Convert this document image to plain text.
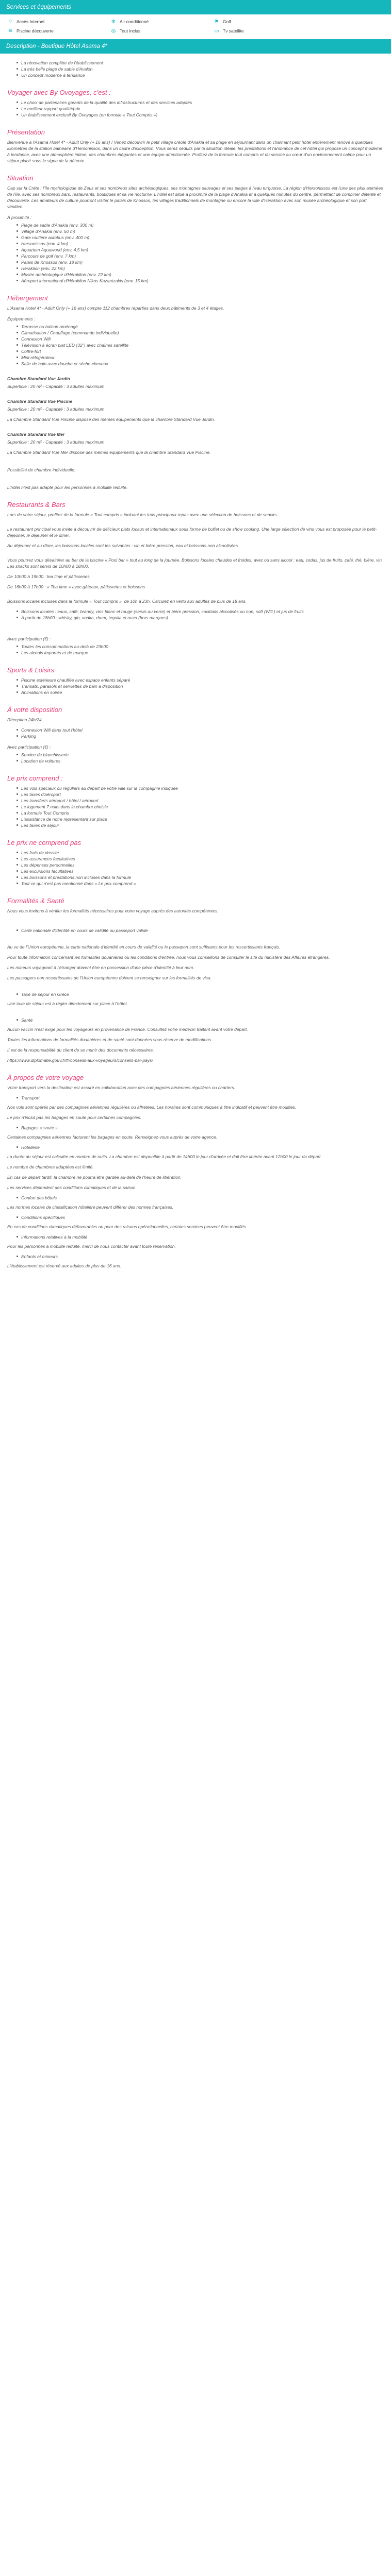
Services et équipements
⌔ Accès Internet	✻ Air conditionné	⚑ Golf
≋ Piscine découverte	◎ Tout inclus	▭ Tv satellite
Description - Boutique Hôtel Asama 4*
La rénovation complète de l'établissement
La très belle plage de sable d'Avalon
Un concept moderne à tendance
Voyager avec By Ovoyages, c'est :
Le choix de partenaires garants de la qualité des infrastructures et des services adaptés
Le meilleur rapport qualité/prix
Un établissement exclusif By Ovoyages (en formule « Tout Compris »)
Présentation

Bienvenue à l'Asama Hotel 4* - Adult Only (+ 16 ans) ! Venez découvrir le petit village créole d'Anakia et sa plage en séjournant dans un charmant petit hôtel entièrement rénové à quelques kilomètres de la station balnéaire d'Hersonissos, dans un cadre d'exception. Vous serez séduits par la situation idéale, les prestations et l'ambiance de cet hôtel qui propose un concept moderne à tendance, avec une atmosphère intime, des chambres élégantes et une équipe attentionnée. Profitez de la formule tout compris et du service au cœur d'un environnement calme pour un séjour placé sous le signe de la détente.

Situation

Cap sur la Crète : l'île mythologique de Zeus et ses nombreux sites archéologiques, ses montagnes sauvages et ses plages à l'eau turquoise. La région d'Hersonissos est l'une des plus animées de l'île, avec ses nombreux bars, restaurants, boutiques et sa vie nocturne. L'hôtel est situé à proximité de la plage d'Anakia et à quelques minutes du centre, permettant de combiner détente et découverte. Les amateurs de culture pourront visiter le palais de Knossos, les villages traditionnels de montagne ou encore la ville d'Héraklion avec son musée archéologique et son port vénitien.

À proximité :
Plage de sable d'Anakia (env. 300 m)
Village d'Anakia (env. 50 m)
Gare routière autobus (env. 400 m)
Hersonissos (env. 4 km)
Aquarium Aquaworld (env. 4,5 km)
Parcours de golf (env. 7 km)
Palais de Knossos (env. 18 km)
Héraklion (env. 22 km)
Musée archéologique d'Héraklion (env. 22 km)
Aéroport international d'Héraklion Nikos Kazantzakis (env. 15 km)
Hébergement

L'Asama Hotel 4* - Adult Only (+ 16 ans) compte 112 chambres réparties dans deux bâtiments de 3 et 4 étages.

Équipements :
Terrasse ou balcon aménagé
Climatisation / Chauffage (commande individuelle)
Connexion Wifi
Télévision à écran plat LED (32") avec chaînes satellite
Coffre-fort
Mini-réfrigérateur
Salle de bain avec douche et sèche-cheveux
Chambre Standard Vue Jardin

Superficie : 20 m² - Capacité : 3 adultes maximum

Chambre Standard Vue Piscine

Superficie : 20 m² - Capacité : 3 adultes maximum

La Chambre Standard Vue Piscine dispose des mêmes équipements que la chambre Standard Vue Jardin.

Chambre Standard Vue Mer

Superficie : 20 m² - Capacité : 3 adultes maximum

La Chambre Standard Vue Mer dispose des mêmes équipements que la chambre Standard Vue Piscine.

Possibilité de chambre individuelle.

L'hôtel n'est pas adapté pour les personnes à mobilité réduite.

Restaurants & Bars

Lors de votre séjour, profitez de la formule « Tout compris » incluant les trois principaux repas avec une sélection de boissons et de snacks.

Le restaurant principal vous invite à découvrir de délicieux plats locaux et internationaux sous forme de buffet ou de show cooking. Une large sélection de vins vous est proposée pour le petit-déjeuner, le déjeuner et le dîner.

Au déjeuner et au dîner, les boissons locales sont les suivantes : vin et bière pression, eau et boissons non alcoolisées.

Vous pourrez vous désaltérer au bar de la piscine « Pool bar » tout au long de la journée. Boissons locales chaudes et froides, avec ou sans alcool : eau, sodas, jus de fruits, café, thé, bière, vin. Les snacks sont servis de 10h00 à 18h00.

De 10h00 à 19h00 : tea time et pâtisseries

De 16h00 à 17h00 : « Tea time » avec gâteaux, pâtisseries et boissons

Boissons locales incluses dans la formule « Tout compris », de 10h à 23h. Calculez en vertu aux adultes de plus de 18 ans.

Boissons locales : eaux, café, brandy, vins blanc et rouge (servis au verre) et bière pression, cocktails alcoolisés ou non, soft (Will ) et jus de fruits.
À partir de 18h00 : whisky, gin, vodka, rhum, tequila et ouzo (hors marques).
Avec participation (€) :
Toutes les consommations au-delà de 23h00
Les alcools importés et de marque
Sports & Loisirs
Piscine extérieure chauffée avec espace enfants séparé
Transats, parasols et serviettes de bain à disposition
Animations en soirée
À votre disposition

Réception 24h/24

Connexion Wifi dans tout l'hôtel
Parking
Avec participation (€) :
Service de blanchisserie
Location de voitures
Le prix comprend :
Les vols spéciaux ou réguliers au départ de votre ville sur la compagnie indiquée
Les taxes d'aéroport
Les transferts aéroport / hôtel / aéroport
Le logement 7 nuits dans la chambre choisie
La formule Tout Compris
L'assistance de notre représentant sur place
Les taxes de séjour
Le prix ne comprend pas
Les frais de dossier
Les assurances facultatives
Les dépenses personnelles
Les excursions facultatives
Les boissons et prestations non incluses dans la formule
Tout ce qui n'est pas mentionné dans « Le prix comprend »
Formalités & Santé

Nous vous invitons à vérifier les formalités nécessaires pour votre voyage auprès des autorités compétentes.

Carte nationale d'identité en cours de validité ou passeport valide

Au vu de l'Union européenne, la carte nationale d'identité en cours de validité ou le passeport sont suffisants pour les ressortissants français.

Pour toute information concernant les formalités douanières ou les conditions d'entrée, nous vous conseillons de consulter le site du ministère des Affaires étrangères.

Les mineurs voyageant à l'étranger doivent être en possession d'une pièce d'identité à leur nom.

Les passagers non ressortissants de l'Union européenne doivent se renseigner sur les formalités de visa.

Taxe de séjour en Grèce

Une taxe de séjour est à régler directement sur place à l'hôtel.

Santé

Aucun vaccin n'est exigé pour les voyageurs en provenance de France. Consultez votre médecin traitant avant votre départ.

Toutes les informations de formalités douanières et de santé sont données sous réserve de modifications.

Il est de la responsabilité du client de se munir des documents nécessaires.

https://www.diplomatie.gouv.fr/fr/conseils-aux-voyageurs/conseils-par-pays/

À propos de votre voyage

Votre transport vers la destination est assuré en collaboration avec des compagnies aériennes régulières ou charters.

Transport

Nos vols sont opérés par des compagnies aériennes régulières ou affrétées. Les horaires sont communiqués à titre indicatif et peuvent être modifiés.

Le prix n'inclut pas les bagages en soute pour certaines compagnies.

Bagages « soute »

Certaines compagnies aériennes facturent les bagages en soute. Renseignez-vous auprès de votre agence.

Hôtellerie

La durée du séjour est calculée en nombre de nuits. La chambre est disponible à partir de 14h00 le jour d'arrivée et doit être libérée avant 12h00 le jour du départ.

Le nombre de chambres adaptées est limité.

En cas de départ tardif, la chambre ne pourra être gardée au-delà de l'heure de libération.

Les services dépendent des conditions climatiques et de la saison.

Confort des hôtels

Les normes locales de classification hôtelière peuvent différer des normes françaises.

Conditions spécifiques

En cas de conditions climatiques défavorables ou pour des raisons opérationnelles, certains services peuvent être modifiés.

Informations relatives à la mobilité

Pour les personnes à mobilité réduite, merci de nous contacter avant toute réservation.

Enfants et mineurs

L'établissement est réservé aux adultes de plus de 16 ans.
